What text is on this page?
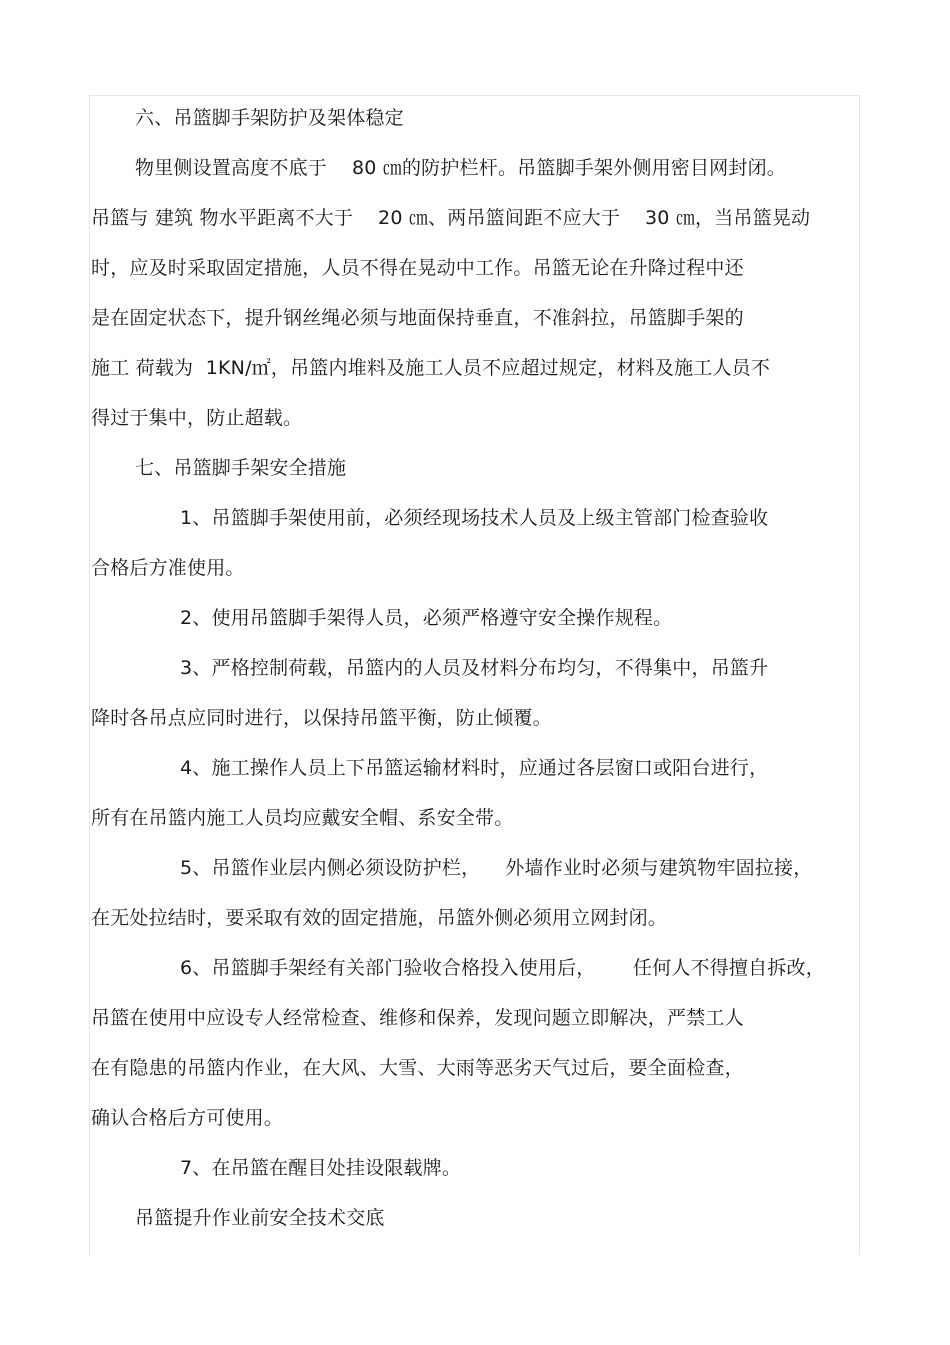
六、吊篮脚手架防护及架体稳定
物里侧设置高度不底于    80 ㎝的防护栏杆。吊篮脚手架外侧用密目网封闭。
吊篮与 建筑 物水平距离不大于    20 ㎝、两吊篮间距不应大于    30 ㎝，当吊篮晃动
时，应及时采取固定措施，人员不得在晃动中工作。吊篮无论在升降过程中还
是在固定状态下，提升钢丝绳必须与地面保持垂直，不准斜拉，吊篮脚手架的
施工 荷载为  1KN/㎡，吊篮内堆料及施工人员不应超过规定，材料及施工人员不
得过于集中，防止超载。
七、吊篮脚手架安全措施
1、吊篮脚手架使用前，必须经现场技术人员及上级主管部门检查验收
合格后方准使用。
2、使用吊篮脚手架得人员，必须严格遵守安全操作规程。
3、严格控制荷载，吊篮内的人员及材料分布均匀，不得集中，吊篮升
降时各吊点应同时进行，以保持吊篮平衡，防止倾覆。
4、施工操作人员上下吊篮运输材料时，应通过各层窗口或阳台进行，
所有在吊篮内施工人员均应戴安全帽、系安全带。
5、吊篮作业层内侧必须设防护栏，    外墙作业时必须与建筑物牢固拉接，
在无处拉结时，要采取有效的固定措施，吊篮外侧必须用立网封闭。
6、吊篮脚手架经有关部门验收合格投入使用后，      任何人不得擅自拆改，
吊篮在使用中应设专人经常检查、维修和保养，发现问题立即解决，严禁工人
在有隐患的吊篮内作业，在大风、大雪、大雨等恶劣天气过后，要全面检查，
确认合格后方可使用。
7、在吊篮在醒目处挂设限载牌。
吊篮提升作业前安全技术交底
